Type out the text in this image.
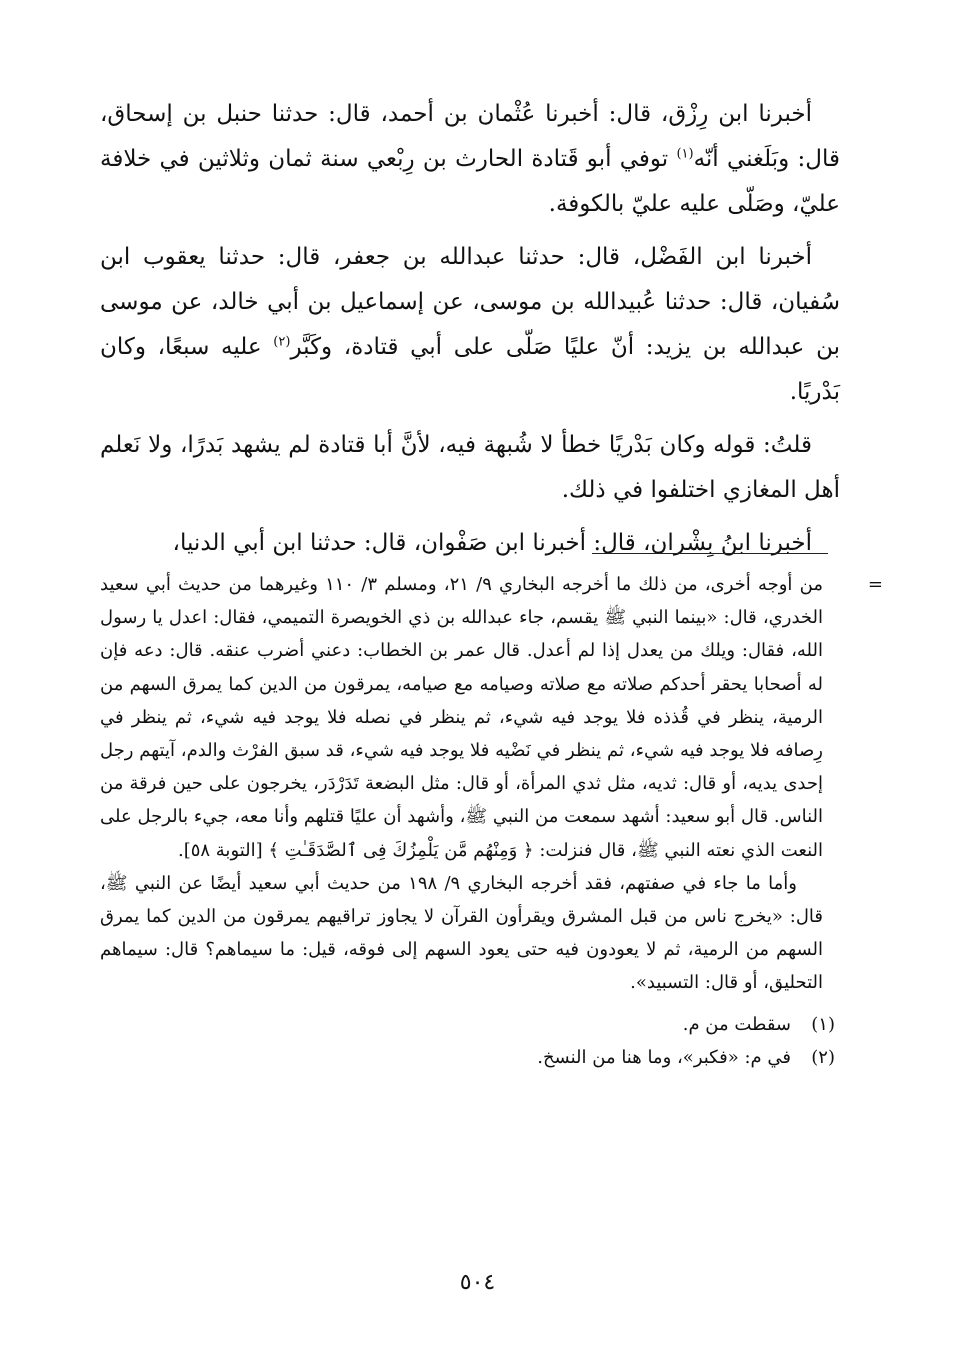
أخبرنا ابن رِزْق، قال: أخبرنا عُثْمان بن أحمد، قال: حدثنا حنبل بن إسحاق، قال: وبَلَغني أنّه$^{(١)}$ توفي أبو قَتادة الحارث بن رِبْعي سنة ثمان وثلاثين في خلافة عليّ، وصَلّى عليه عليّ بالكوفة.

أخبرنا ابن الفَضْل، قال: حدثنا عبدالله بن جعفر، قال: حدثنا يعقوب ابن سُفيان، قال: حدثنا عُبيدالله بن موسى، عن إسماعيل بن أبي خالد، عن موسى بن عبدالله بن يزيد: أنّ عليًا صَلّى على أبي قتادة، وكَبَّر$^{(٢)}$ عليه سبعًا، وكان بَدْريًا.

قلتُ: قوله وكان بَدْريًا خطأ لا شُبهة فيه، لأنَّ أبا قتادة لم يشهد بَدرًا، ولا نَعلم أهل المغازي اختلفوا في ذلك.

أخبرنا ابنُ بِشْران، قال: أخبرنا ابن صَفْوان، قال: حدثنا ابن أبي الدنيا،

=
من أوجه أخرى، من ذلك ما أخرجه البخاري ٩/ ٢١، ومسلم ٣/ ١١٠ وغيرهما من حديث أبي سعيد الخدري، قال: «بينما النبي ﷺ يقسم، جاء عبدالله بن ذي الخويصرة التميمي، فقال: اعدل يا رسول الله، فقال: ويلك من يعدل إذا لم أعدل. قال عمر بن الخطاب: دعني أضرب عنقه. قال: دعه فإن له أصحابا يحقر أحدكم صلاته مع صلاته وصيامه مع صيامه، يمرقون من الدين كما يمرق السهم من الرمية، ينظر في قُذذه فلا يوجد فيه شيء، ثم ينظر في نصله فلا يوجد فيه شيء، ثم ينظر في رِصافه فلا يوجد فيه شيء، ثم ينظر في نَضْيه فلا يوجد فيه شيء، قد سبق الفرْث والدم، آيتهم رجل إحدى يديه، أو قال: ثديه، مثل ثدي المرأة، أو قال: مثل البضعة تَدَرْدَر، يخرجون على حين فرقة من الناس. قال أبو سعيد: أشهد سمعت من النبي ﷺ، وأشهد أن عليًا قتلهم وأنا معه، جيء بالرجل على النعت الذي نعته النبي ﷺ، قال فنزلت: ﴿ وَمِنْهُم مَّن يَلْمِزُكَ فِى ٱلصَّدَقَـٰتِ ﴾ [التوبة ٥٨].

وأما ما جاء في صفتهم، فقد أخرجه البخاري ٩/ ١٩٨ من حديث أبي سعيد أيضًا عن النبي ﷺ، قال: «يخرج ناس من قبل المشرق ويقرأون القرآن لا يجاوز تراقيهم يمرقون من الدين كما يمرق السهم من الرمية، ثم لا يعودون فيه حتى يعود السهم إلى فوقه، قيل: ما سيماهم؟ قال: سيماهم التحليق، أو قال: التسبيد».

(١)سقطت من م.

(٢)في م: «فكبر»، وما هنا من النسخ.

٥٠٤
